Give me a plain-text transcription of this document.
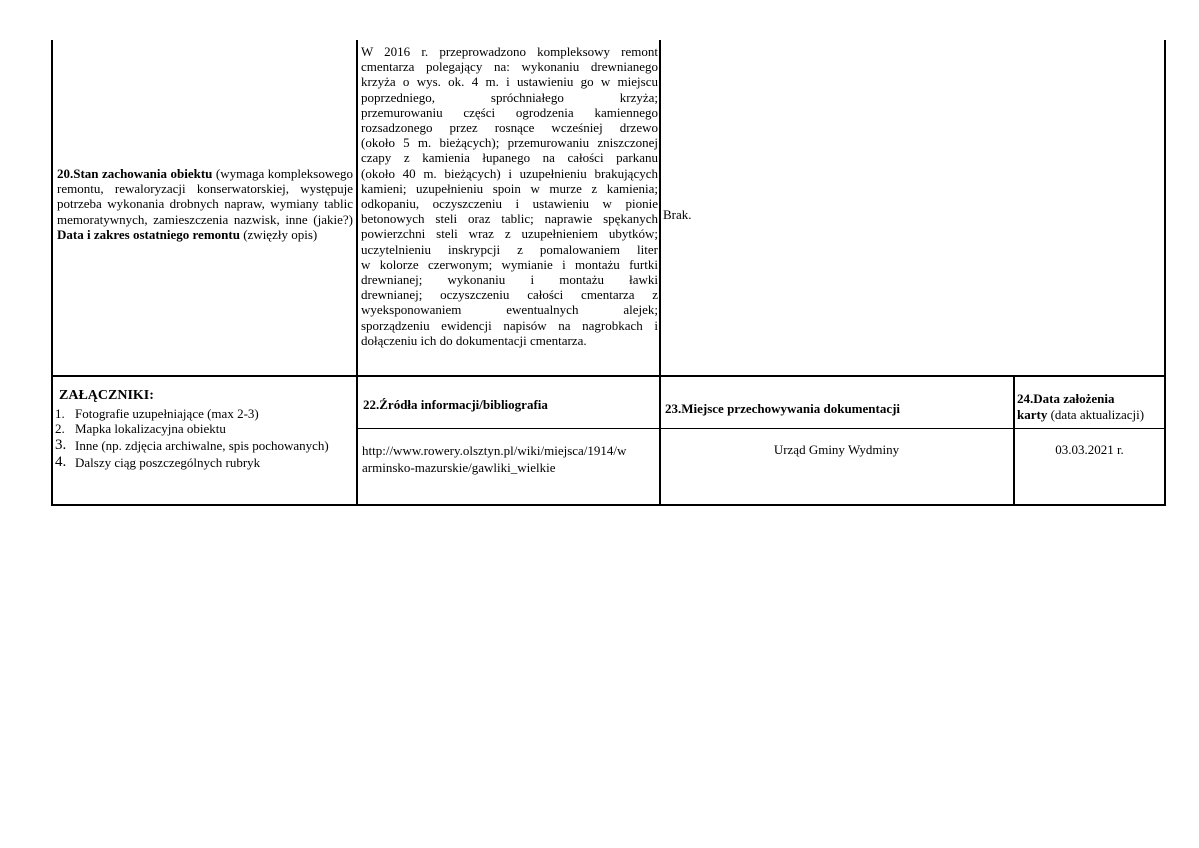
20.Stan zachowania obiektu (wymaga kompleksowego remontu, rewaloryzacji konserwatorskiej, występuje potrzeba wykonania drobnych napraw, wymiany tablic memoratywnych, zamieszczenia nazwisk, inne (jakie?)
Data i zakres ostatniego remontu (zwięzły opis)
W 2016 r. przeprowadzono kompleksowy remont
cmentarza polegający na: wykonaniu drewnianego
krzyża o wys. ok. 4 m. i ustawieniu go w miejscu
poprzedniego, spróchniałego krzyża;
przemurowaniu części ogrodzenia kamiennego
rozsadzonego przez rosnące wcześniej drzewo
(około 5 m. bieżących); przemurowaniu zniszczonej
czapy z kamienia łupanego na całości parkanu
(około 40 m. bieżących) i uzupełnieniu brakujących
kamieni; uzupełnieniu spoin w murze z kamienia;
odkopaniu, oczyszczeniu i ustawieniu w pionie
betonowych steli oraz tablic; naprawie spękanych
powierzchni steli wraz z uzupełnieniem ubytków;
uczytelnieniu inskrypcji z pomalowaniem liter
w kolorze czerwonym; wymianie i montażu furtki
drewnianej; wykonaniu i montażu ławki
drewnianej; oczyszczeniu całości cmentarza z
wyeksponowaniem ewentualnych alejek;
sporządzeniu ewidencji napisów na nagrobkach i
dołączeniu ich do dokumentacji cmentarza.
Brak.
ZAŁĄCZNIKI:
1. Fotografie uzupełniające (max 2-3)
2. Mapka lokalizacyjna obiektu
3. Inne (np. zdjęcia archiwalne, spis pochowanych)
4. Dalszy ciąg poszczególnych rubryk
22.Źródła informacji/bibliografia
http://www.rowery.olsztyn.pl/wiki/miejsca/1914/w
arminsko-mazurskie/gawliki_wielkie
23.Miejsce przechowywania dokumentacji
Urząd Gminy Wydminy
24.Data założenia
karty (data aktualizacji)
03.03.2021 r.
